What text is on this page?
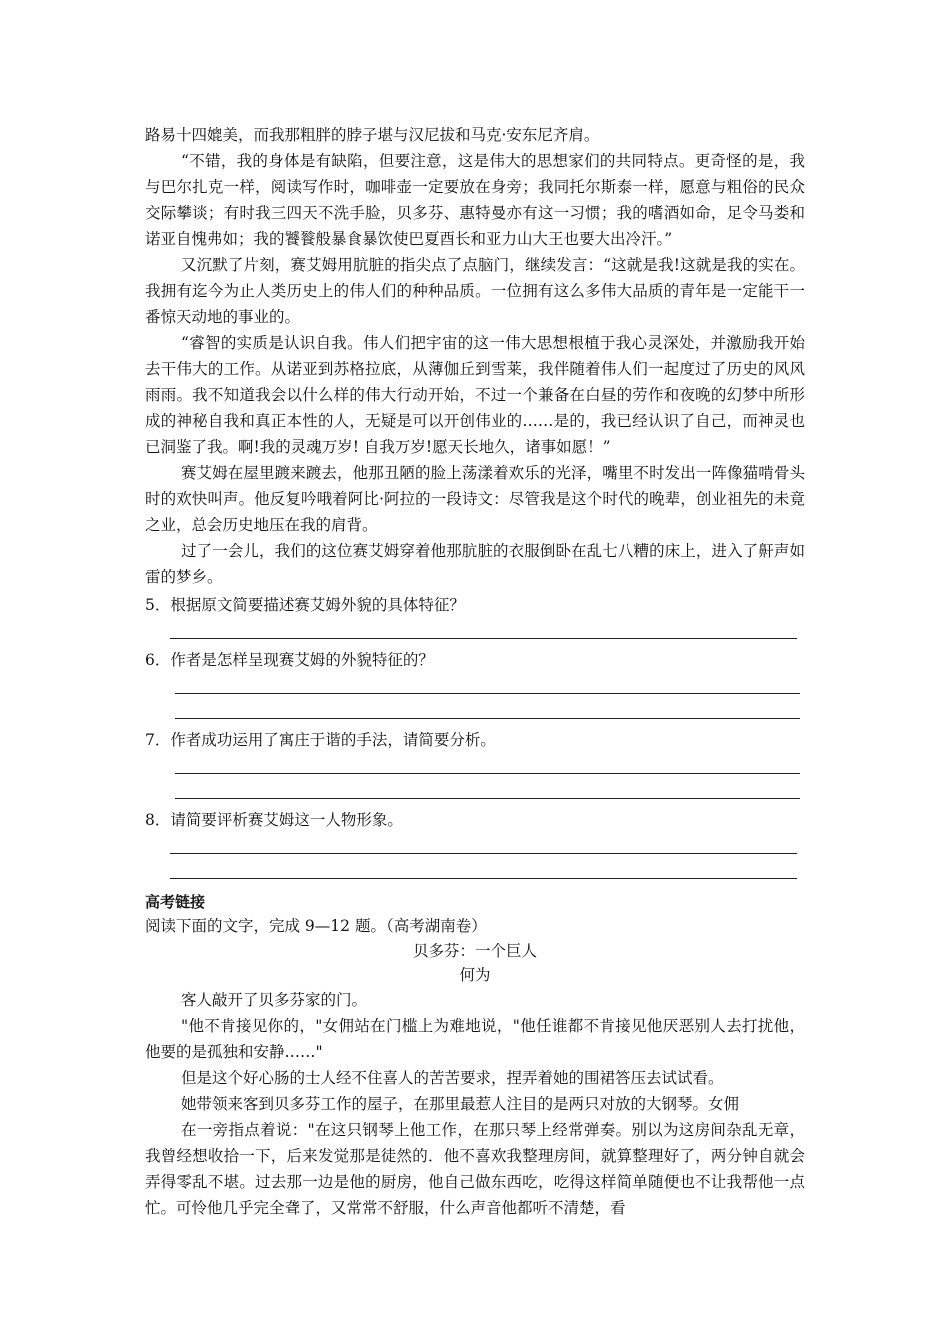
路易十四媲美，而我那粗胖的脖子堪与汉尼拔和马克·安东尼齐肩。

“不错，我的身体是有缺陷，但要注意，这是伟大的思想家们的共同特点。更奇怪的是，我与巴尔扎克一样，阅读写作时，咖啡壶一定要放在身旁；我同托尔斯泰一样，愿意与粗俗的民众交际攀谈；有时我三四天不洗手脸，贝多芬、惠特曼亦有这一习惯；我的嗜酒如命，足令马娄和诺亚自愧弗如；我的饕餮般暴食暴饮使巴夏酉长和亚力山大王也要大出冷汗。”

又沉默了片刻，赛艾姆用肮脏的指尖点了点脑门，继续发言：“这就是我!这就是我的实在。我拥有迄今为止人类历史上的伟人们的种种品质。一位拥有这么多伟大品质的青年是一定能干一番惊天动地的事业的。

“睿智的实质是认识自我。伟人们把宇宙的这一伟大思想根植于我心灵深处，并激励我开始去干伟大的工作。从诺亚到苏格拉底，从薄伽丘到雪莱，我伴随着伟人们一起度过了历史的风风雨雨。我不知道我会以什么样的伟大行动开始，不过一个兼备在白昼的劳作和夜晚的幻梦中所形成的神秘自我和真正本性的人，无疑是可以开创伟业的……是的，我已经认识了自己，而神灵也已洞鉴了我。啊!我的灵魂万岁! 自我万岁!愿天长地久，诸事如愿！”

赛艾姆在屋里踱来踱去，他那丑陋的脸上荡漾着欢乐的光泽，嘴里不时发出一阵像猫啃骨头时的欢快叫声。他反复吟哦着阿比·阿拉的一段诗文：尽管我是这个时代的晚辈，创业祖先的未竟之业，总会历史地压在我的肩背。

过了一会儿，我们的这位赛艾姆穿着他那肮脏的衣服倒卧在乱七八糟的床上，进入了鼾声如雷的梦乡。

5．根据原文简要描述赛艾姆外貌的具体特征？

6．作者是怎样呈现赛艾姆的外貌特征的？

7．作者成功运用了寓庄于谐的手法，请简要分析。

8．请简要评析赛艾姆这一人物形象。

高考链接

阅读下面的文字，完成 9—12 题。（高考湖南卷）

贝多芬：一个巨人
何为

客人敲开了贝多芬家的门。

"他不肯接见你的，"女佣站在门槛上为难地说，"他任谁都不肯接见他厌恶别人去打扰他，他要的是孤独和安静……"

但是这个好心肠的士人经不住喜人的苦苦要求，捏弄着她的围裙答压去试试看。

她带领来客到贝多芬工作的屋子，在那里最惹人注目的是两只对放的大钢琴。女佣

在一旁指点着说："在这只钢琴上他工作，在那只琴上经常弹奏。别以为这房间杂乱无章，我曾经想收拾一下，后来发觉那是徒然的．他不喜欢我整理房间，就算整理好了，两分钟自就会弄得零乱不堪。过去那一边是他的厨房，他自己做东西吃，吃得这样简单随便也不让我帮他一点忙。可怜他几乎完全聋了，又常常不舒服，什么声音他都听不清楚，看
